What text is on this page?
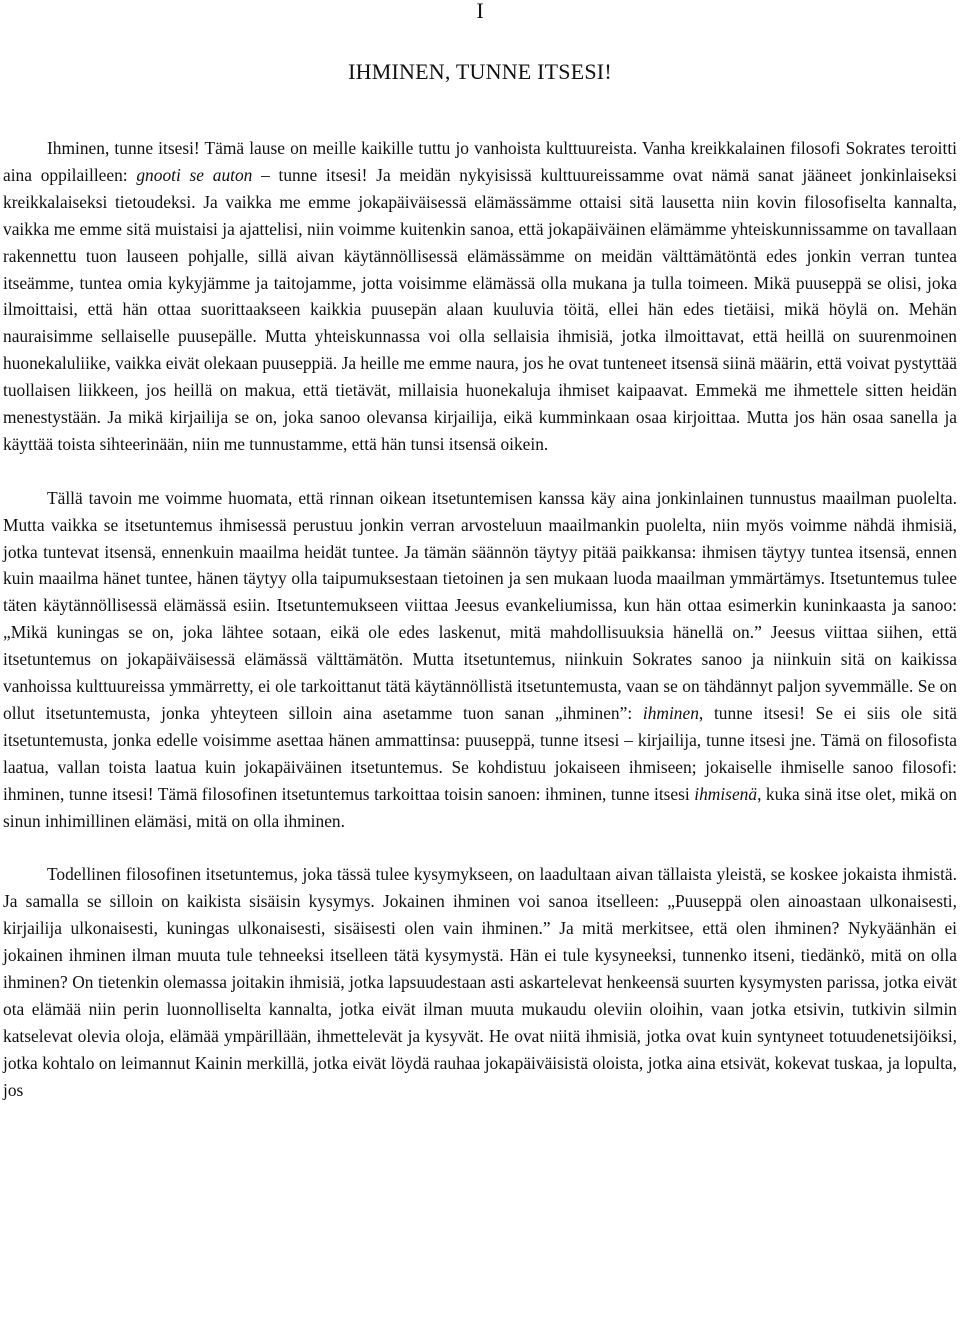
I
IHMINEN, TUNNE ITSESI!

Ihminen, tunne itsesi! Tämä lause on meille kaikille tuttu jo vanhoista kulttuureista. Vanha kreikkalainen filosofi Sokrates teroitti aina oppilailleen: gnooti se auton – tunne itsesi! Ja meidän nykyisissä kulttuureissamme ovat nämä sanat jääneet jonkinlaiseksi kreikkalaiseksi tietoudeksi. Ja vaikka me emme jokapäiväisessä elämässämme ottaisi sitä lausetta niin kovin filosofiselta kannalta, vaikka me emme sitä muistaisi ja ajattelisi, niin voimme kuitenkin sanoa, että jokapäiväinen elämämme yhteiskunnissamme on tavallaan rakennettu tuon lauseen pohjalle, sillä aivan käytännöllisessä elämässämme on meidän välttämätöntä edes jonkin verran tuntea itseämme, tuntea omia kykyjämme ja taitojamme, jotta voisimme elämässä olla mukana ja tulla toimeen. Mikä puuseppä se olisi, joka ilmoittaisi, että hän ottaa suorittaakseen kaikkia puusepän alaan kuuluvia töitä, ellei hän edes tietäisi, mikä höylä on. Mehän nauraisimme sellaiselle puusepälle. Mutta yhteiskunnassa voi olla sellaisia ihmisiä, jotka ilmoittavat, että heillä on suurenmoinen huonekaluliike, vaikka eivät olekaan puuseppiä. Ja heille me emme naura, jos he ovat tunteneet itsensä siinä määrin, että voivat pystyttää tuollaisen liikkeen, jos heillä on makua, että tietävät, millaisia huonekaluja ihmiset kaipaavat. Emmekä me ihmettele sitten heidän menestystään. Ja mikä kirjailija se on, joka sanoo olevansa kirjailija, eikä kumminkaan osaa kirjoittaa. Mutta jos hän osaa sanella ja käyttää toista sihteerinään, niin me tunnustamme, että hän tunsi itsensä oikein.

Tällä tavoin me voimme huomata, että rinnan oikean itsetuntemisen kanssa käy aina jonkinlainen tunnustus maailman puolelta. Mutta vaikka se itsetuntemus ihmisessä perustuu jonkin verran arvosteluun maailmankin puolelta, niin myös voimme nähdä ihmisiä, jotka tuntevat itsensä, ennenkuin maailma heidät tuntee. Ja tämän säännön täytyy pitää paikkansa: ihmisen täytyy tuntea itsensä, ennen kuin maailma hänet tuntee, hänen täytyy olla taipumuksestaan tietoinen ja sen mukaan luoda maailman ymmärtämys. Itsetuntemus tulee täten käytännöllisessä elämässä esiin. Itsetuntemukseen viittaa Jeesus evankeliumissa, kun hän ottaa esimerkin kuninkaasta ja sanoo: „Mikä kuningas se on, joka lähtee sotaan, eikä ole edes laskenut, mitä mahdollisuuksia hänellä on.” Jeesus viittaa siihen, että itsetuntemus on jokapäiväisessä elämässä välttämätön. Mutta itsetuntemus, niinkuin Sokrates sanoo ja niinkuin sitä on kaikissa vanhoissa kulttuureissa ymmärretty, ei ole tarkoittanut tätä käytännöllistä itsetuntemusta, vaan se on tähdännyt paljon syvemmälle. Se on ollut itsetuntemusta, jonka yhteyteen silloin aina asetamme tuon sanan „ihminen”: ihminen, tunne itsesi! Se ei siis ole sitä itsetuntemusta, jonka edelle voisimme asettaa hänen ammattinsa: puuseppä, tunne itsesi – kirjailija, tunne itsesi jne. Tämä on filosofista laatua, vallan toista laatua kuin jokapäiväinen itsetuntemus. Se kohdistuu jokaiseen ihmiseen; jokaiselle ihmiselle sanoo filosofi: ihminen, tunne itsesi! Tämä filosofinen itsetuntemus tarkoittaa toisin sanoen: ihminen, tunne itsesi ihmisenä, kuka sinä itse olet, mikä on sinun inhimillinen elämäsi, mitä on olla ihminen.

Todellinen filosofinen itsetuntemus, joka tässä tulee kysymykseen, on laadultaan aivan tällaista yleistä, se koskee jokaista ihmistä. Ja samalla se silloin on kaikista sisäisin kysymys. Jokainen ihminen voi sanoa itselleen: „Puuseppä olen ainoastaan ulkonaisesti, kirjailija ulkonaisesti, kuningas ulkonaisesti, sisäisesti olen vain ihminen.” Ja mitä merkitsee, että olen ihminen? Nykyäänhän ei jokainen ihminen ilman muuta tule tehneeksi itselleen tätä kysymystä. Hän ei tule kysyneeksi, tunnenko itseni, tiedänkö, mitä on olla ihminen? On tietenkin olemassa joitakin ihmisiä, jotka lapsuudestaan asti askartelevat henkeensä suurten kysymysten parissa, jotka eivät ota elämää niin perin luonnolliselta kannalta, jotka eivät ilman muuta mukaudu oleviin oloihin, vaan jotka etsivin, tutkivin silmin katselevat olevia oloja, elämää ympärillään, ihmettelevät ja kysyvät. He ovat niitä ihmisiä, jotka ovat kuin syntyneet totuudenetsijöiksi, jotka kohtalo on leimannut Kainin merkillä, jotka eivät löydä rauhaa jokapäiväisistä oloista, jotka aina etsivät, kokevat tuskaa, ja lopulta, jos
